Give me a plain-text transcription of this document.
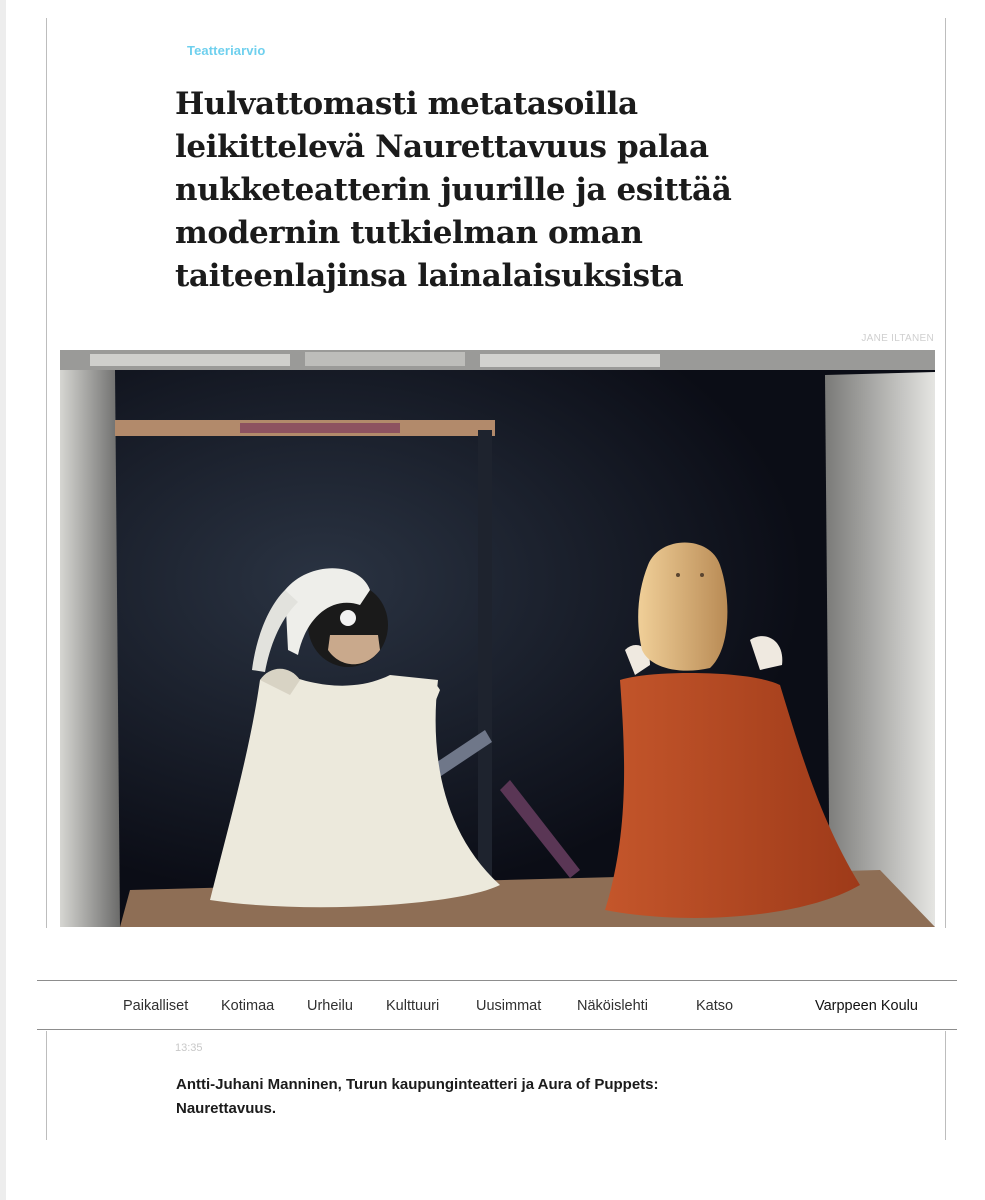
Teatteriarvio
Hulvattomasti metatasoilla
leikittelevä Naurettavuus palaa
nukketeatterin juurille ja esittää
modernin tutkielman oman
taiteenlajinsa lainalaisuksista
JANE ILTANEN
Paikalliset Kotimaa Urheilu Kulttuuri	Uusimmat Näköislehti	Katso	Varppeen Koulu
13:35
Antti-Juhani Manninen, Turun kaupunginteatteri ja Aura of Puppets:
Naurettavuus.
